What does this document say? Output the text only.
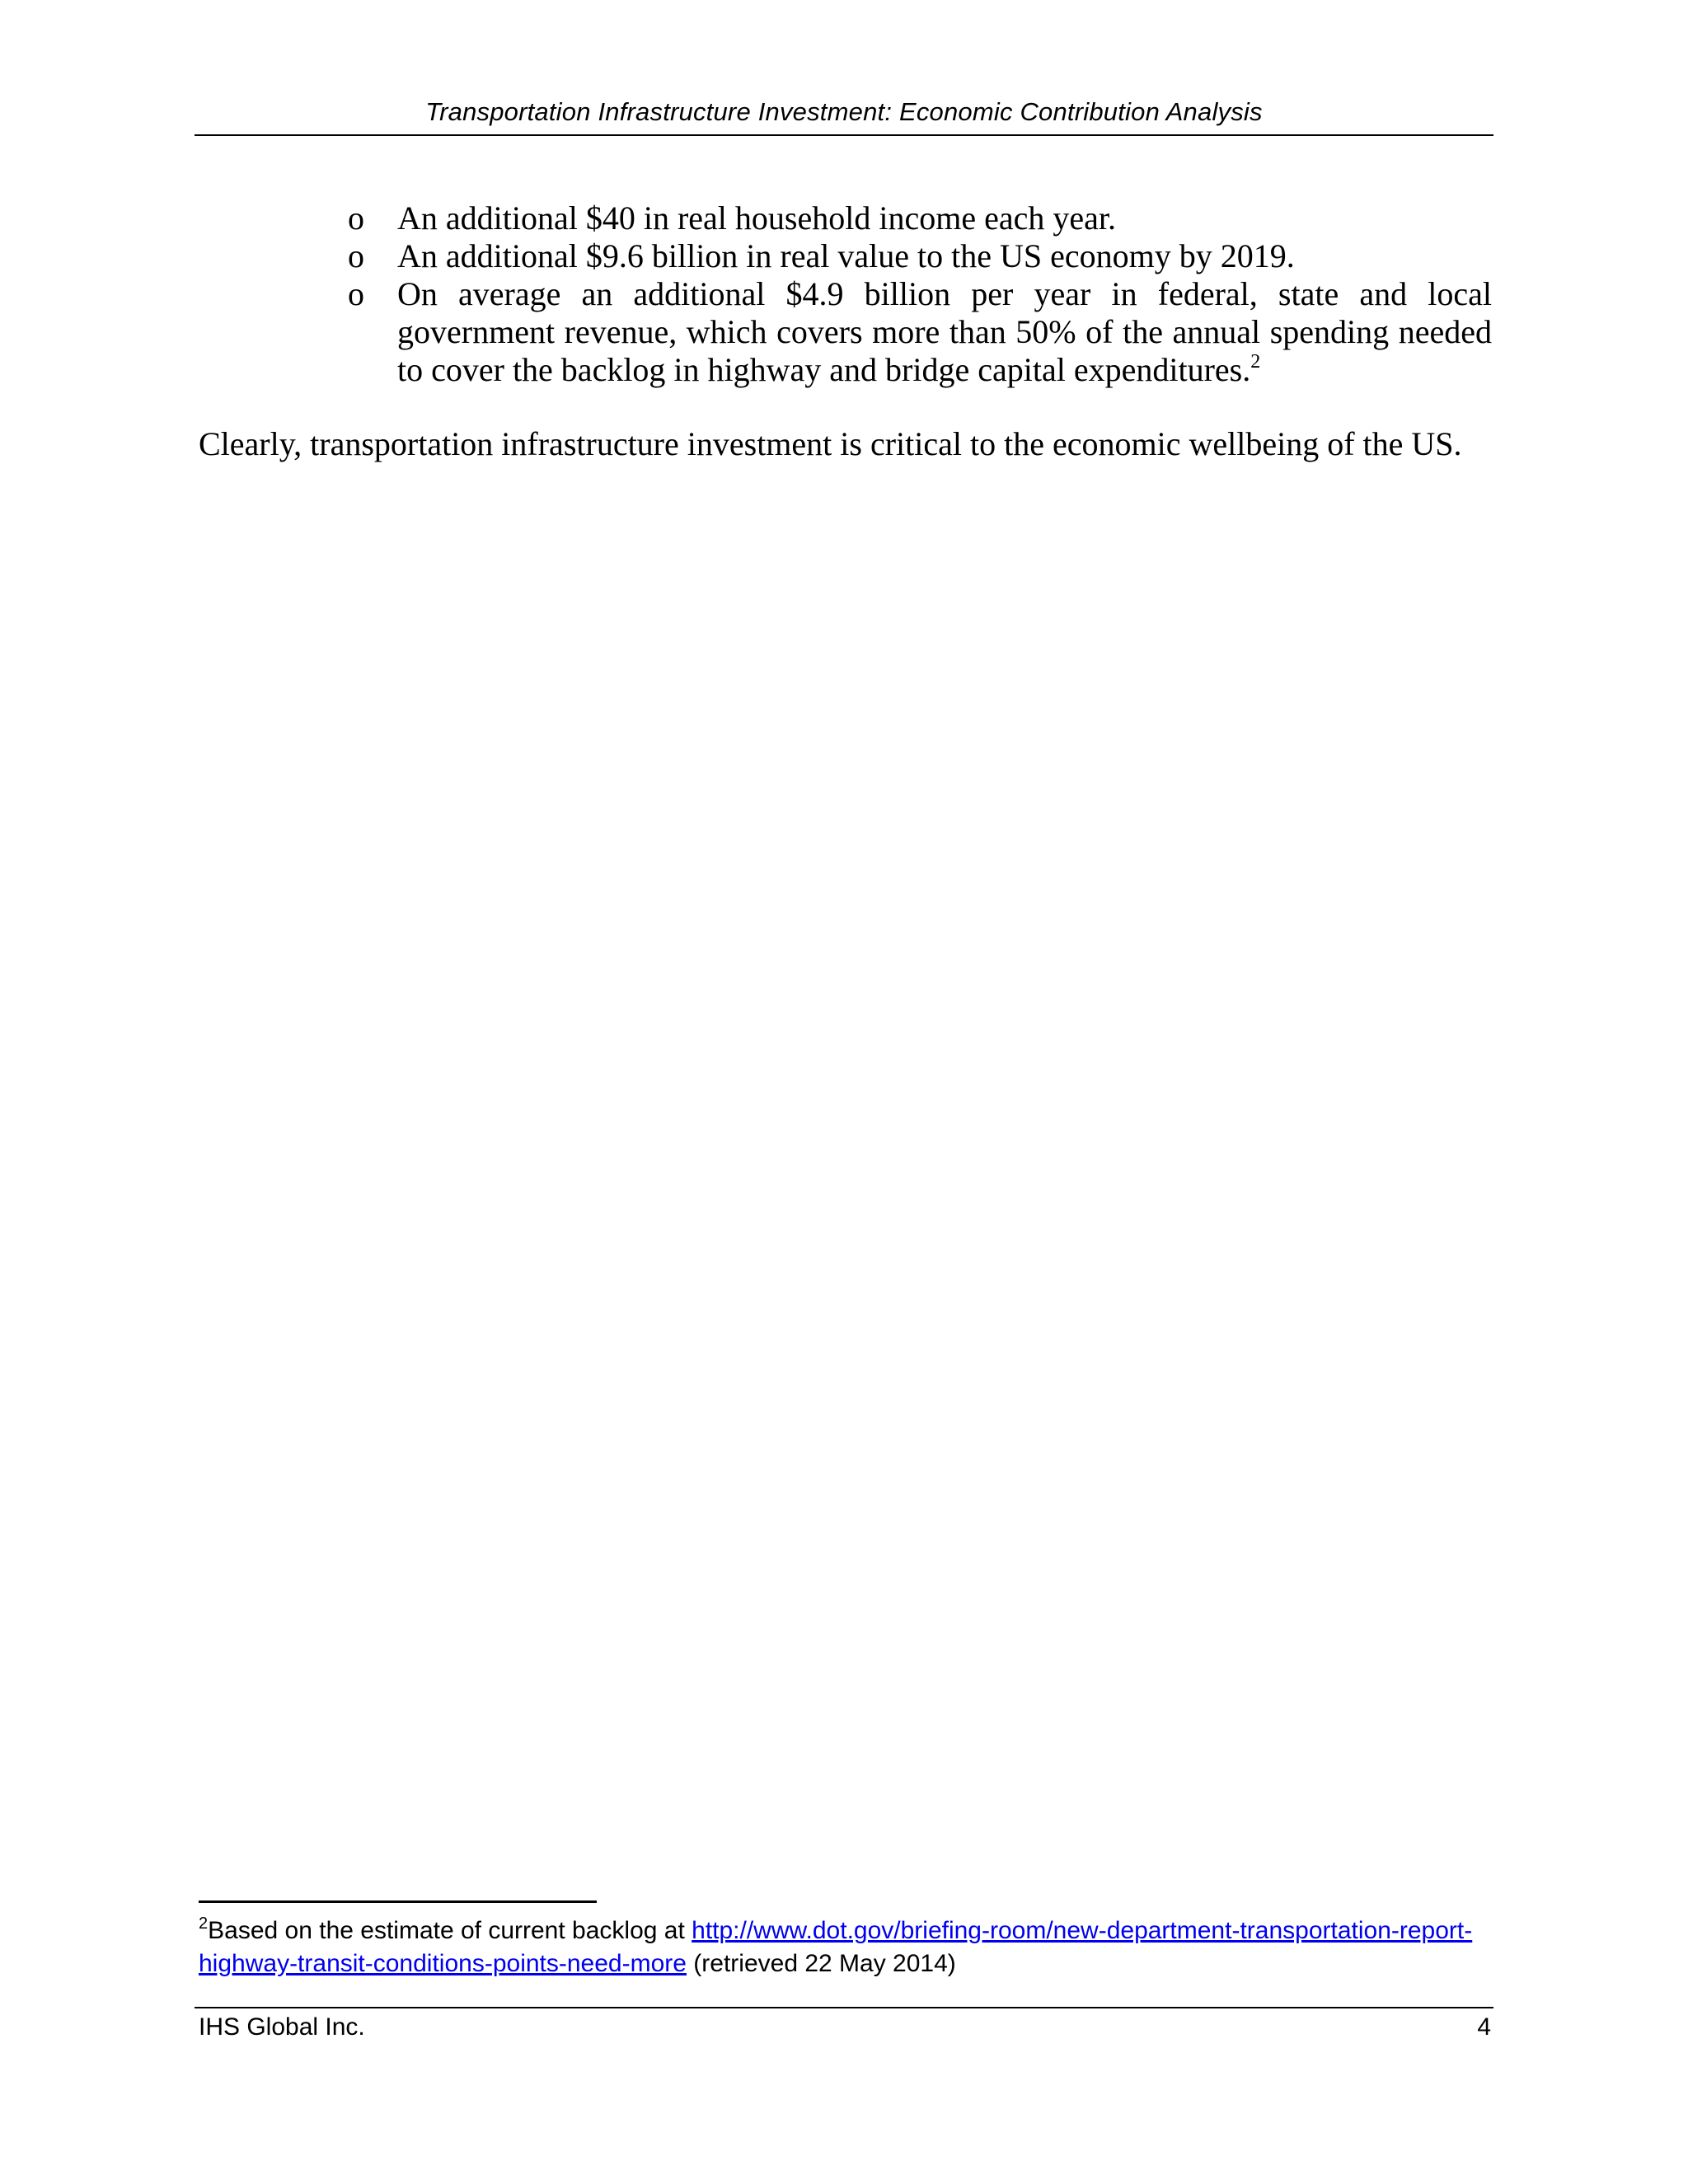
Transportation Infrastructure Investment: Economic Contribution Analysis
o An additional $40 in real household income each year.
o An additional $9.6 billion in real value to the US economy by 2019.
o On average an additional $4.9 billion per year in federal, state and local government revenue, which covers more than 50% of the annual spending needed to cover the backlog in highway and bridge capital expenditures.$^2$
Clearly, transportation infrastructure investment is critical to the economic wellbeing of the US.
$^2$Based on the estimate of current backlog at http://www.dot.gov/briefing-room/new-department-transportation-report-highway-transit-conditions-points-need-more (retrieved 22 May 2014)
IHS Global Inc.	4
